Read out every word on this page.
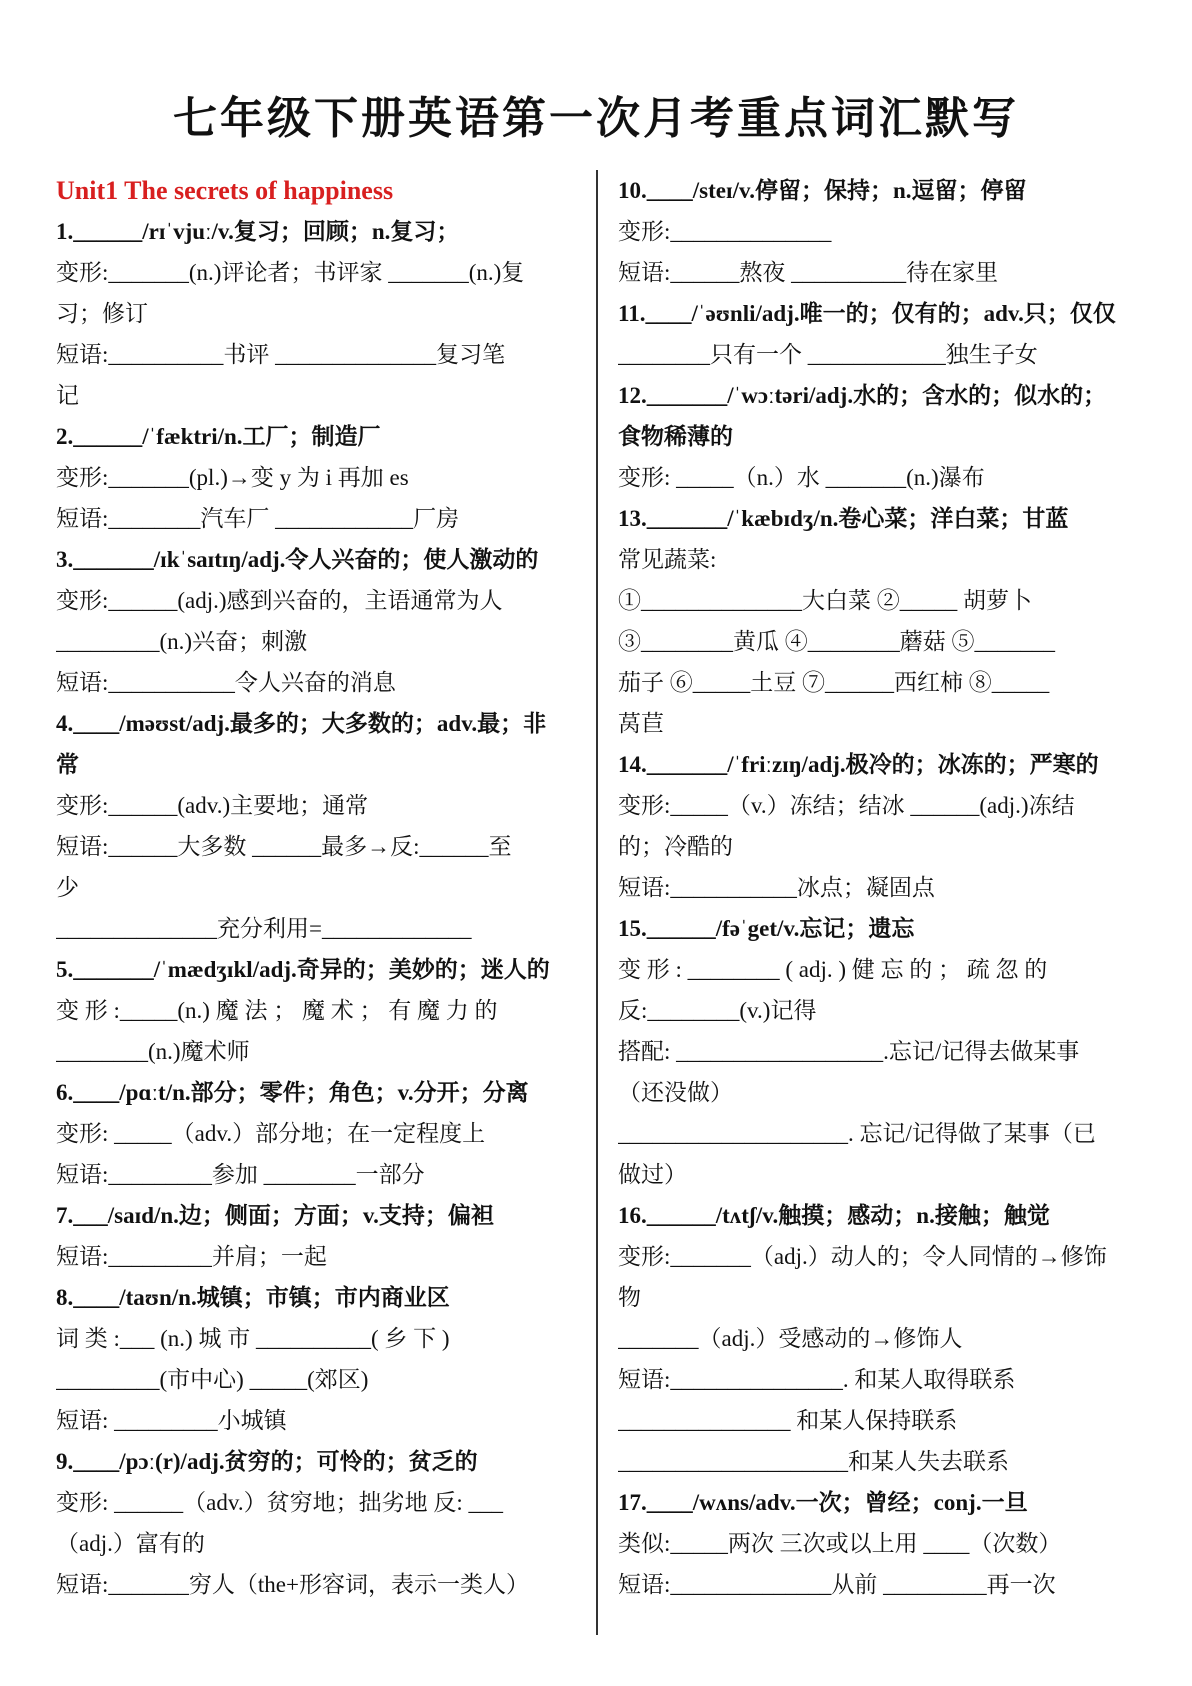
七年级下册英语第一次月考重点词汇默写
Unit1 The secrets of happiness
1.______/rɪˈvjuː/v.复习；回顾；n.复习；
变形:_______(n.)评论者；书评家 _______(n.)复
习；修订
短语:__________书评 ______________复习笔
记
2.______/ˈfæktri/n.工厂；制造厂
变形:_______(pl.)→变 y 为 i 再加 es
短语:________汽车厂 ____________厂房
3._______/ɪkˈsaɪtɪŋ/adj.令人兴奋的；使人激动的
变形:______(adj.)感到兴奋的，主语通常为人
_________(n.)兴奋；刺激
短语:___________令人兴奋的消息
4.____/məʊst/adj.最多的；大多数的；adv.最；非
常
变形:______(adv.)主要地；通常
短语:______大多数 ______最多→反:______至
少
______________充分利用=_____________
5._______/ˈmædʒɪkl/adj.奇异的；美妙的；迷人的
变 形 :_____(n.) 魔 法 ； 魔 术 ； 有 魔 力 的
________(n.)魔术师
6.____/pɑːt/n.部分；零件；角色；v.分开；分离
变形: _____（adv.）部分地；在一定程度上
短语:_________参加 ________一部分
7.___/saɪd/n.边；侧面；方面；v.支持；偏袒
短语:_________并肩；一起
8.____/taʊn/n.城镇；市镇；市内商业区
词 类 :___ (n.) 城 市 __________( 乡 下 )
_________(市中心) _____(郊区)
短语: _________小城镇
9.____/pɔː(r)/adj.贫穷的；可怜的；贫乏的
变形: ______（adv.）贫穷地；拙劣地 反: ___
（adj.）富有的
短语:_______穷人（the+形容词，表示一类人）
10.____/steɪ/v.停留；保持；n.逗留；停留
变形:______________
短语:______熬夜 __________待在家里
11.____/ˈəʊnli/adj.唯一的；仅有的；adv.只；仅仅
________只有一个 ____________独生子女
12._______/ˈwɔːtəri/adj.水的；含水的；似水的；
食物稀薄的
变形: _____（n.）水 _______(n.)瀑布
13._______/ˈkæbɪdʒ/n.卷心菜；洋白菜；甘蓝
常见蔬菜:
①______________大白菜 ②_____ 胡萝卜
③________黄瓜 ④________蘑菇 ⑤_______
茄子 ⑥_____土豆 ⑦______西红柿 ⑧_____
莴苣
14._______/ˈfriːzɪŋ/adj.极冷的；冰冻的；严寒的
变形:_____（v.）冻结；结冰 ______(adj.)冻结
的；冷酷的
短语:___________冰点；凝固点
15.______/fəˈget/v.忘记；遗忘
变 形 : ________ ( adj. ) 健 忘 的 ； 疏 忽 的
反:________(v.)记得
搭配: __________________.忘记/记得去做某事
（还没做）
____________________. 忘记/记得做了某事（已
做过）
16.______/tʌtʃ/v.触摸；感动；n.接触；触觉
变形:_______（adj.）动人的；令人同情的→修饰
物
_______（adj.）受感动的→修饰人
短语:_______________. 和某人取得联系
_______________ 和某人保持联系
____________________和某人失去联系
17.____/wʌns/adv.一次；曾经；conj.一旦
类似:_____两次 三次或以上用 ____（次数）
短语:______________从前 _________再一次
